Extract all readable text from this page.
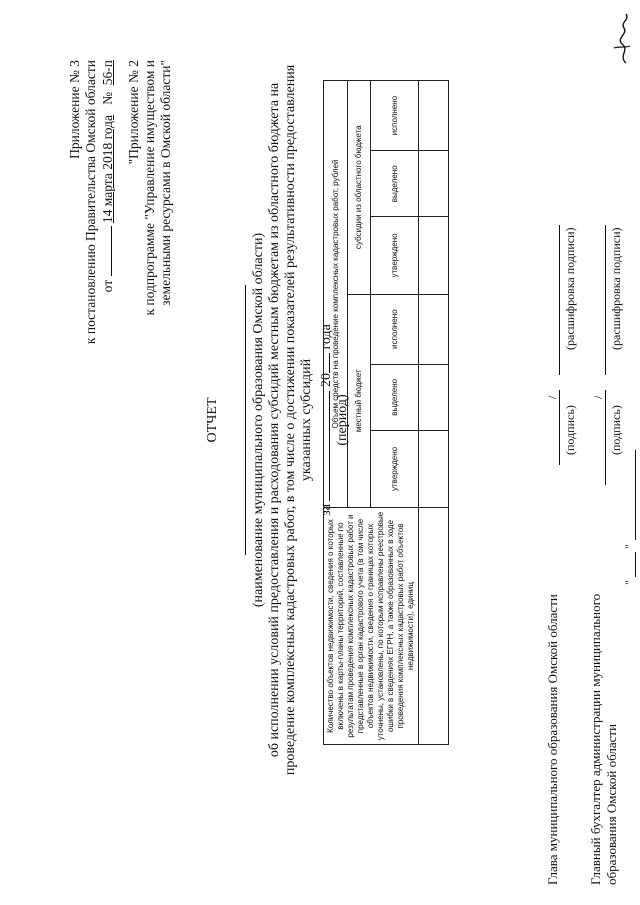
Приложение № 3 к постановлению Правительства Омской области от  14 марта 2018 года   №  56-п "Приложение № 2 к подпрограмме "Управление имуществом и земельными ресурсами в Омской области"
ОТЧЕТ (наименование муниципального образования Омской области) об исполнении условий предоставления и расходования субсидий местным бюджетам из областного бюджета на проведение комплексных кадастровых работ, в том числе о достижении показателей результативности предоставления указанных субсидий
за  20 года
(период)
Количество объектов недвижимости, сведения о которых включены в карты-планы территорий, составленные по результатам проведения комплексных кадастровых работ и представленные в орган кадастрового учета (в том числе объектов недвижимости, сведения о границах которых уточнены, установлены, по которым исправлены реестровые ошибки в сведениях ЕГРН, а также образованных в ходе проведения комплексных кадастровых работ объектов недвижимости), единиц	Объем средств на проведение комплексных кадастровых работ, рублей					
	местный бюджет			субсидии из областного бюджета		
	утверждено	выделено	исполнено	утверждено	выделено	исполнено

Глава муниципального образования Омской области
/
(подпись)
(расшифровка подписи)
Главный бухгалтер администрации муниципального образования Омской области
/
(подпись)
(расшифровка подписи)
"
"
